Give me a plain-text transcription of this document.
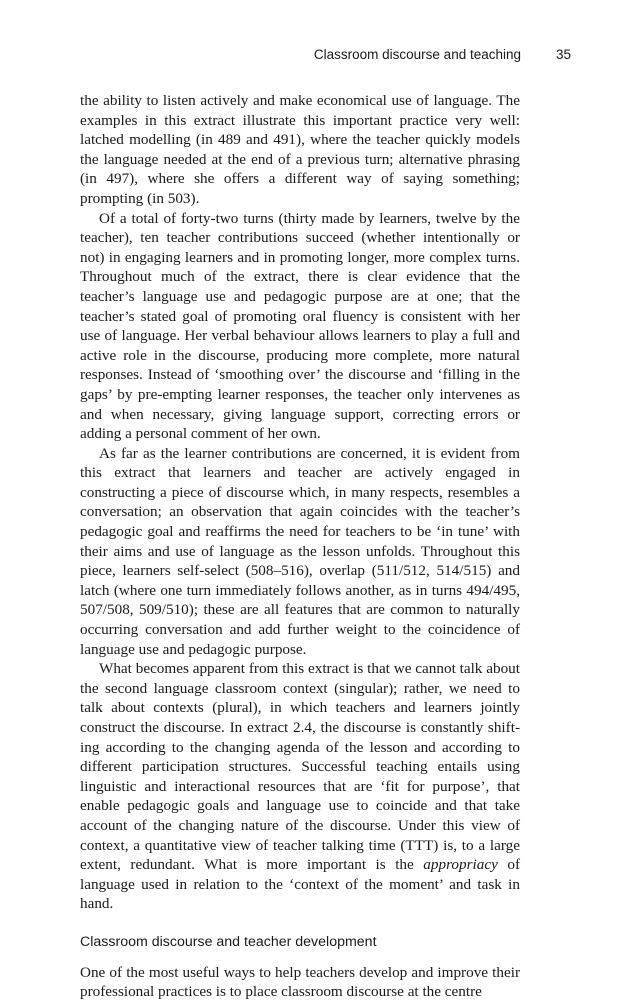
Classroom discourse and teaching	35

the ability to listen actively and make economical use of language. The examples in this extract illustrate this important practice very well: latched modelling (in 489 and 491), where the teacher quickly models the language needed at the end of a previous turn; alternative phrasing (in 497), where she offers a different way of saying something; prompting (in 503).

Of a total of forty-two turns (thirty made by learners, twelve by the teacher), ten teacher contributions succeed (whether intentionally or not) in engaging learners and in promoting longer, more complex turns. Throughout much of the extract, there is clear evidence that the teacher’s language use and pedagogic purpose are at one; that the teacher’s stated goal of promoting oral fluency is consistent with her use of language. Her verbal behaviour allows learners to play a full and active role in the discourse, producing more complete, more natural responses. Instead of ‘smoothing over’ the discourse and ‘filling in the gaps’ by pre-empting learner responses, the teacher only intervenes as and when necessary, giving language support, correcting errors or adding a personal comment of her own.

As far as the learner contributions are concerned, it is evident from this extract that learners and teacher are actively engaged in constructing a piece of discourse which, in many respects, resembles a conversation; an observation that again coincides with the teacher’s pedagogic goal and reaffirms the need for teachers to be ‘in tune’ with their aims and use of language as the lesson unfolds. Throughout this piece, learners self-select (508–516), overlap (511/512, 514/515) and latch (where one turn immediately follows another, as in turns 494/495, 507/508, 509/510); these are all features that are common to naturally occurring conversation and add further weight to the coincidence of language use and pedagogic purpose.

What becomes apparent from this extract is that we cannot talk about the second language classroom context (singular); rather, we need to talk about contexts (plural), in which teachers and learners jointly construct the discourse. In extract 2.4, the discourse is constantly shifting according to the changing agenda of the lesson and according to different participation structures. Successful teaching entails using linguistic and interactional resources that are ‘fit for purpose’, that enable pedagogic goals and language use to coincide and that take account of the changing nature of the discourse. Under this view of context, a quantitative view of teacher talking time (TTT) is, to a large extent, redundant. What is more important is the appropriacy of language used in relation to the ‘context of the moment’ and task in hand.

Classroom discourse and teacher development

One of the most useful ways to help teachers develop and improve their professional practices is to place classroom discourse at the centre
